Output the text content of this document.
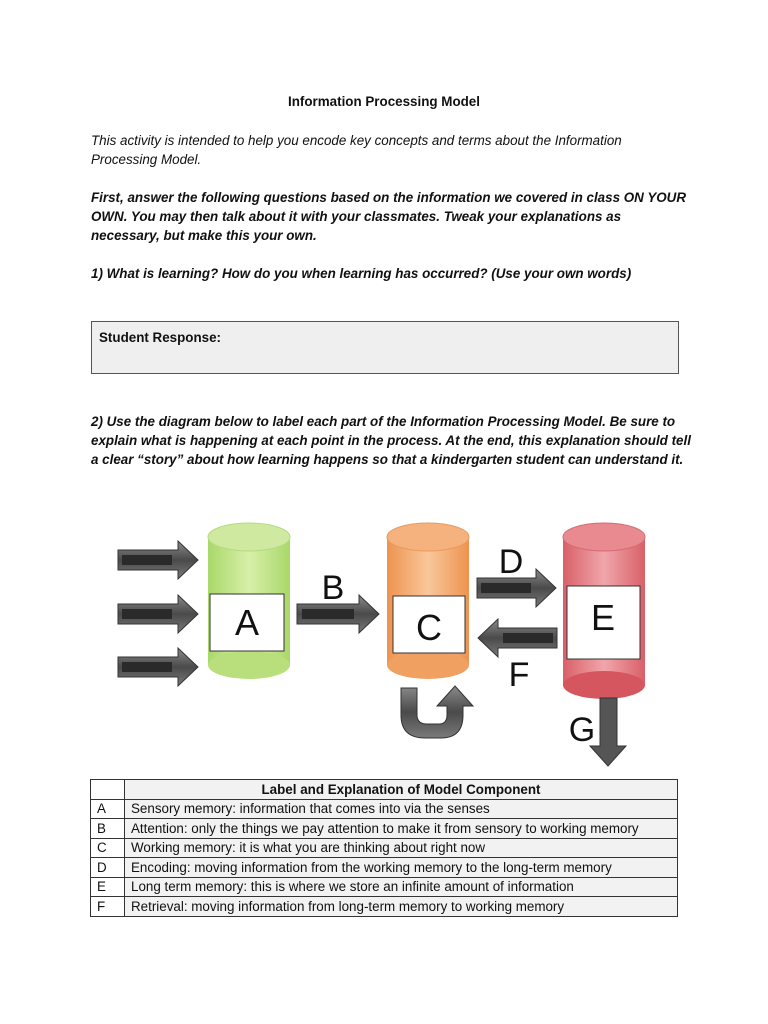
Information Processing Model
This activity is intended to help you encode key concepts and terms about the Information Processing Model.
First, answer the following questions based on the information we covered in class ON YOUR OWN. You may then talk about it with your classmates. Tweak your explanations as necessary, but make this your own.
1) What is learning? How do you when learning has occurred? (Use your own words)
Student Response:
2) Use the diagram below to label each part of the Information Processing Model. Be sure to explain what is happening at each point in the process. At the end, this explanation should tell a clear “story” about how learning happens so that a kindergarten student can understand it.
A
B
C
D
F
E
G
	Label and Explanation of Model Component
A	Sensory memory: information that comes into via the senses
B	Attention: only the things we pay attention to make it from sensory to working memory
C	Working memory: it is what you are thinking about right now
D	Encoding: moving information from the working memory to the long-term memory
E	Long term memory: this is where we store an infinite amount of information
F	Retrieval: moving information from long-term memory to working memory
